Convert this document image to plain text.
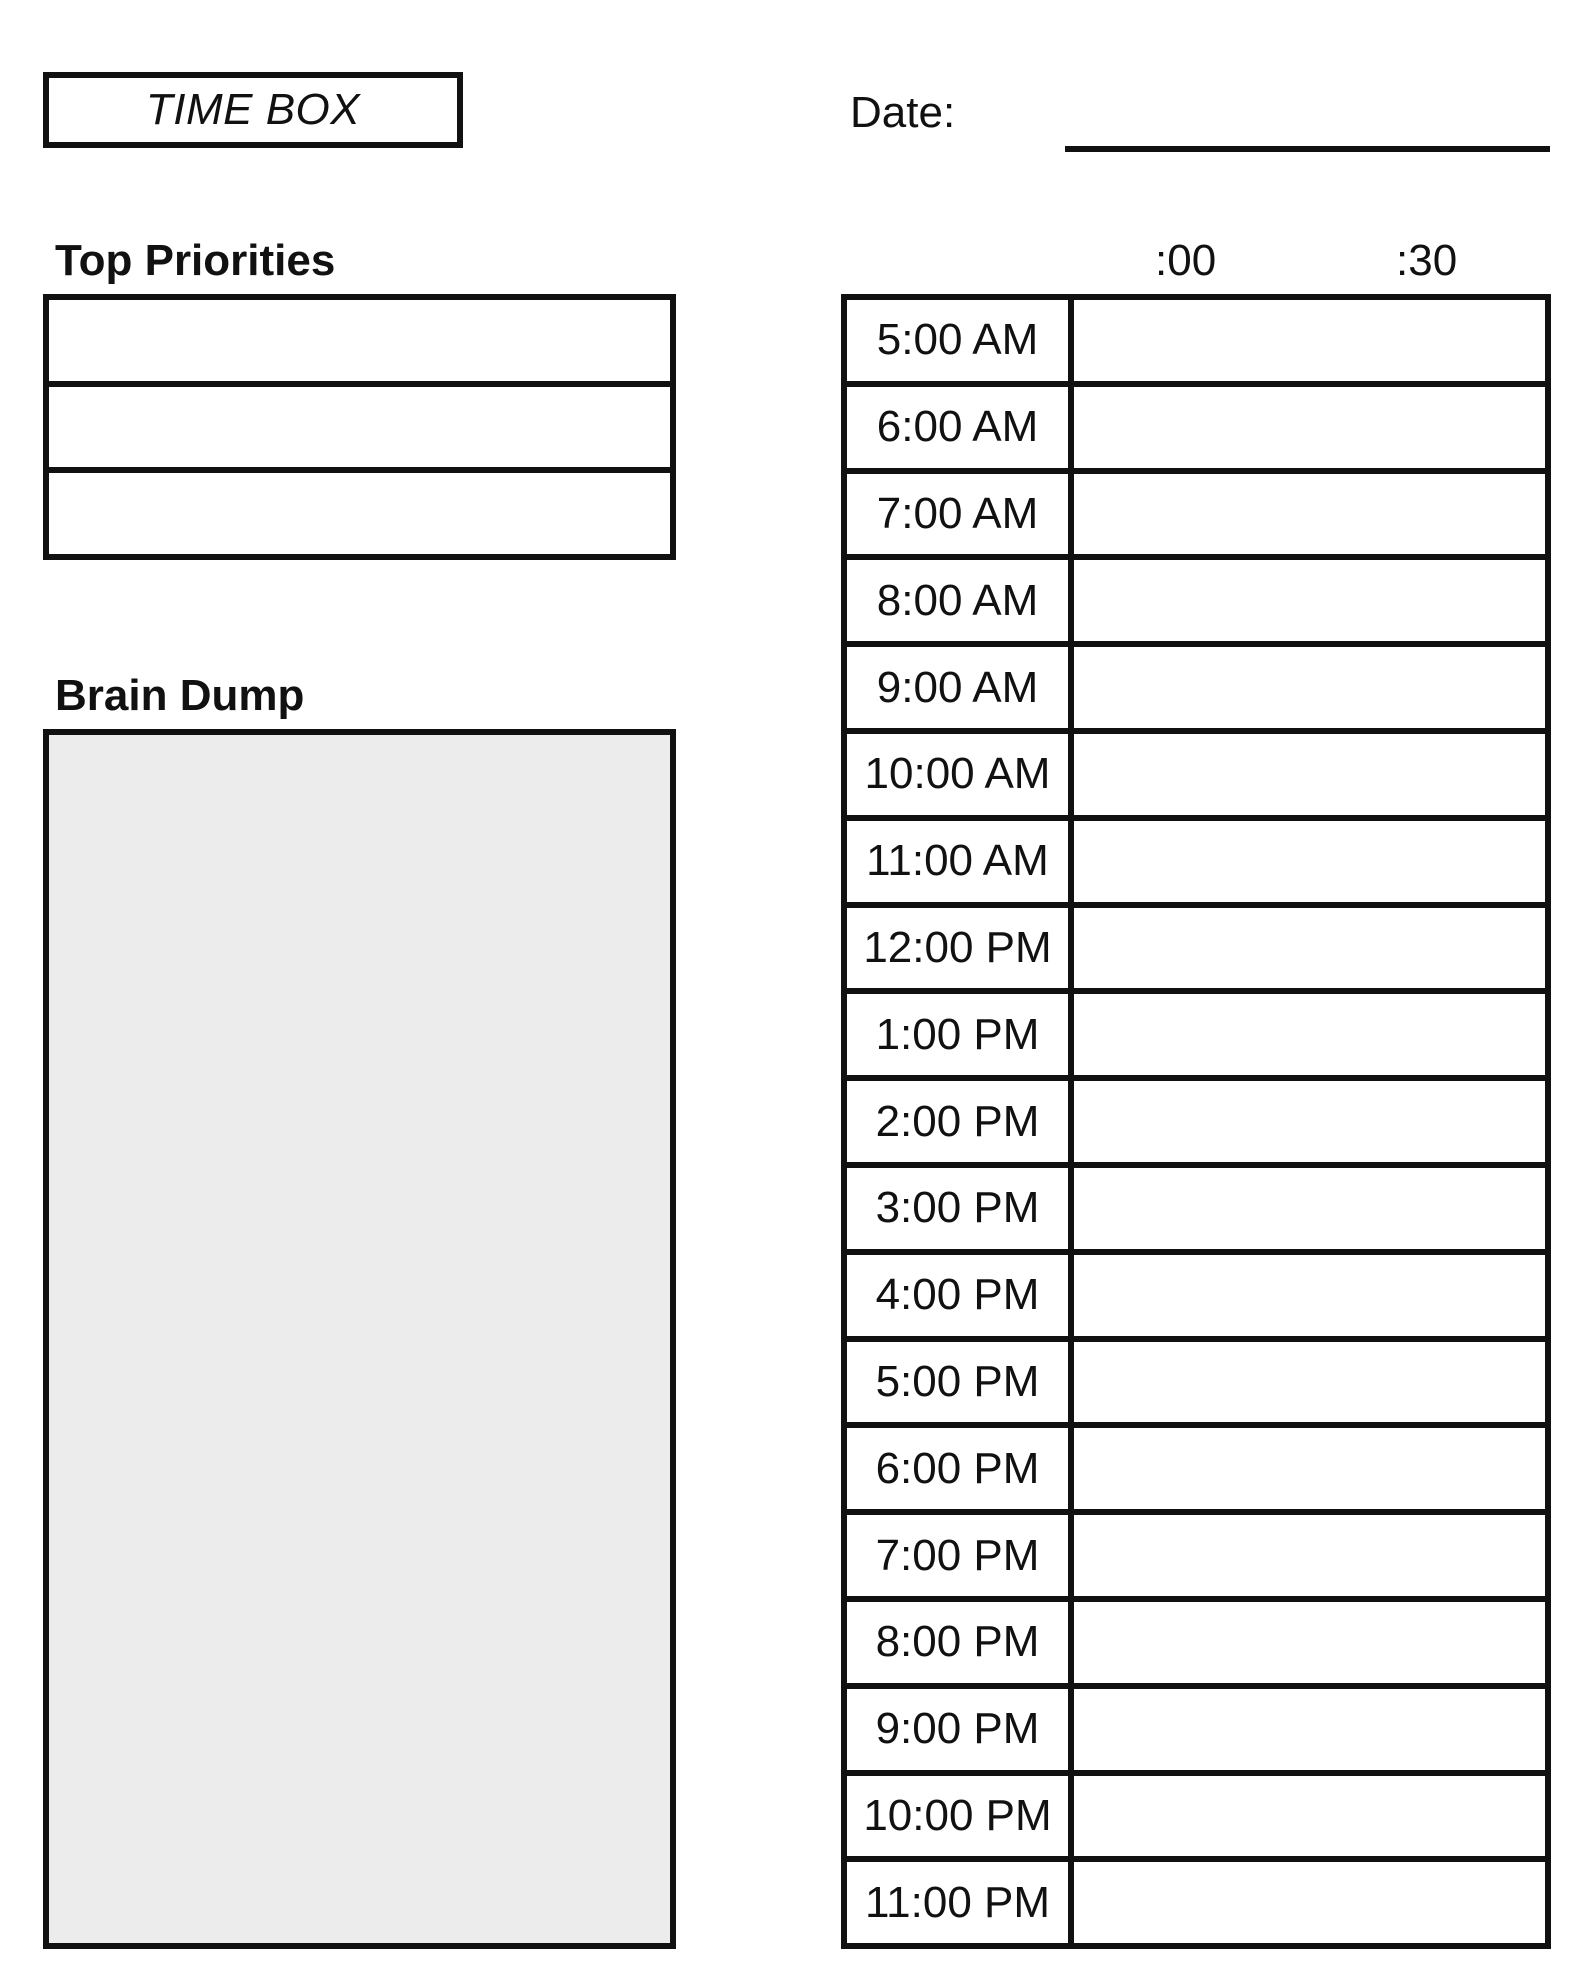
TIME BOX	Date:
Top Priorities
Brain Dump
:00	:30
5:00 AM
6:00 AM
7:00 AM
8:00 AM
9:00 AM
10:00 AM
11:00 AM
12:00 PM
1:00 PM
2:00 PM
3:00 PM
4:00 PM
5:00 PM
6:00 PM
7:00 PM
8:00 PM
9:00 PM
10:00 PM
11:00 PM
